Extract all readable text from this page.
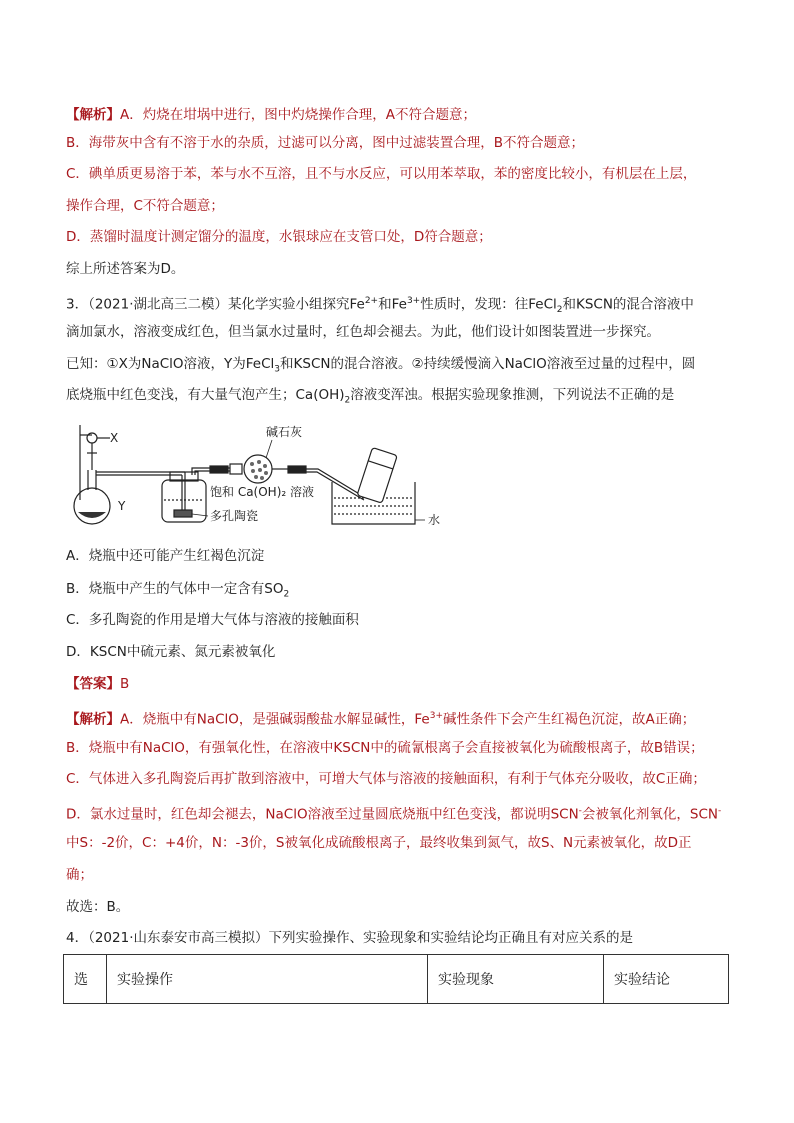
【解析】A．灼烧在坩埚中进行，图中灼烧操作合理，A不符合题意；
B．海带灰中含有不溶于水的杂质，过滤可以分离，图中过滤装置合理，B不符合题意；
C．碘单质更易溶于苯，苯与水不互溶，且不与水反应，可以用苯萃取，苯的密度比较小，有机层在上层，
操作合理，C不符合题意；
D．蒸馏时温度计测定馏分的温度，水银球应在支管口处，D符合题意；
综上所述答案为D。
3．（2021·湖北高三二模）某化学实验小组探究$Fe^{2+}$和$Fe^{3+}$性质时，发现：往FeCl$_2$和KSCN的混合溶液中
滴加氯水，溶液变成红色，但当氯水过量时，红色却会褪去。为此，他们设计如图装置进一步探究。
已知：①X为NaClO溶液，Y为FeCl$_3$和KSCN的混合溶液。②持续缓慢滴入NaClO溶液至过量的过程中，圆
底烧瓶中红色变浅，有大量气泡产生；$Ca(OH)_2$溶液变浑浊。根据实验现象推测，下列说法不正确的是
X
Y
碱石灰
饱和 Ca(OH)₂ 溶液
多孔陶瓷	水
A．烧瓶中还可能产生红褐色沉淀
B．烧瓶中产生的气体中一定含有$SO_2$
C．多孔陶瓷的作用是增大气体与溶液的接触面积
D．KSCN中硫元素、氮元素被氧化
【答案】B
【解析】A．烧瓶中有NaClO，是强碱弱酸盐水解显碱性，$Fe^{3+}$碱性条件下会产生红褐色沉淀，故A正确；
B．烧瓶中有NaClO，有强氧化性，在溶液中KSCN中的硫氰根离子会直接被氧化为硫酸根离子，故B错误；
C．气体进入多孔陶瓷后再扩散到溶液中，可增大气体与溶液的接触面积，有利于气体充分吸收，故C正确；
D．氯水过量时，红色却会褪去，NaClO溶液至过量圆底烧瓶中红色变浅，都说明SCN-会被氧化剂氧化，SCN-
中S：-2价，C：+4价，N：-3价，S被氧化成硫酸根离子，最终收集到氮气，故S、N元素被氧化，故D正
确；
故选：B。
4．（2021·山东泰安市高三模拟）下列实验操作、实验现象和实验结论均正确且有对应关系的是
选	实验操作	实验现象	实验结论
